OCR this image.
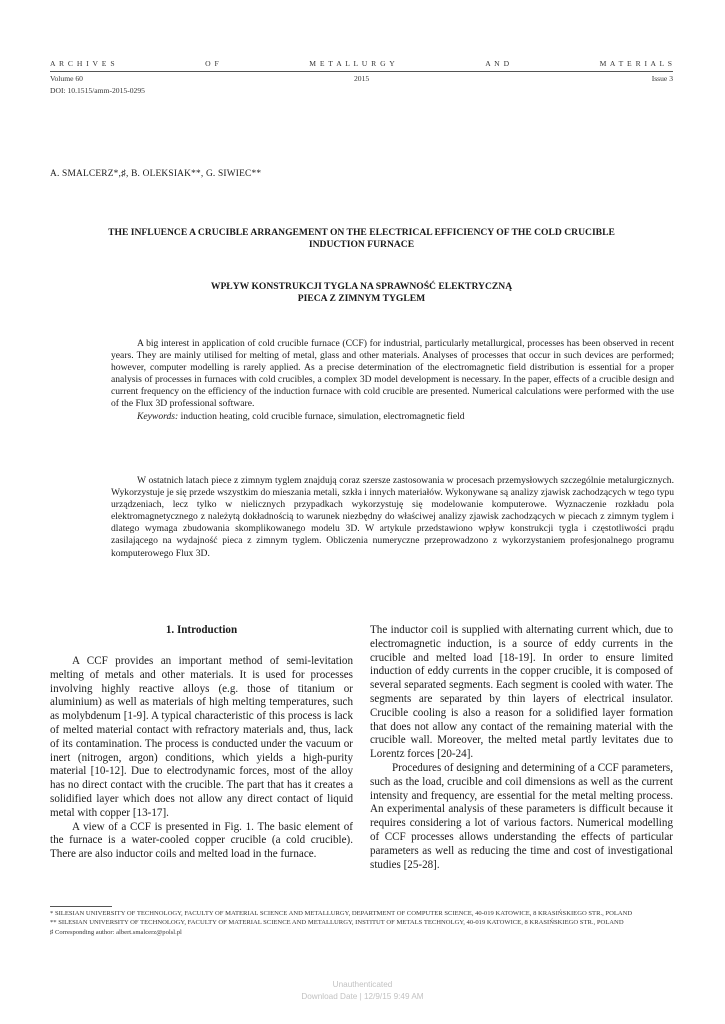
A R C H I V E S	O F	M E T A L L U R G Y	A N D	M A T E R I A L S
Volume 60	2015	Issue 3
DOI: 10.1515/amm-2015-0295
A. SMALCERZ*,♯, B. OLEKSIAK**, G. SIWIEC**
THE INFLUENCE A CRUCIBLE ARRANGEMENT ON THE ELECTRICAL EFFICIENCY OF THE COLD CRUCIBLE
INDUCTION FURNACE
WPŁYW KONSTRUKCJI TYGLA NA SPRAWNOŚĆ ELEKTRYCZNĄ
PIECA Z ZIMNYM TYGLEM

A big interest in application of cold crucible furnace (CCF) for industrial, particularly metallurgical, processes has been observed in recent years. They are mainly utilised for melting of metal, glass and other materials. Analyses of processes that occur in such devices are performed; however, computer modelling is rarely applied. As a precise determination of the electromagnetic field distribution is essential for a proper analysis of processes in furnaces with cold crucibles, a complex 3D model development is necessary. In the paper, effects of a crucible design and current frequency on the efficiency of the induction furnace with cold crucible are presented. Numerical calculations were performed with the use of the Flux 3D professional software.

Keywords: induction heating, cold crucible furnace, simulation, electromagnetic field

W ostatnich latach piece z zimnym tyglem znajdują coraz szersze zastosowania w procesach przemysłowych szczególnie metalurgicznych. Wykorzystuje je się przede wszystkim do mieszania metali, szkła i innych materiałów. Wykonywane są analizy zjawisk zachodzących w tego typu urządzeniach, lecz tylko w nielicznych przypadkach wykorzystuję się modelowanie komputerowe. Wyznaczenie rozkładu pola elektromagnetycznego z należytą dokładnością to warunek niezbędny do właściwej analizy zjawisk zachodzących w piecach z zimnym tyglem i dlatego wymaga zbudowania skomplikowanego modelu 3D. W artykule przedstawiono wpływ konstrukcji tygla i częstotliwości prądu zasilającego na wydajność pieca z zimnym tyglem. Obliczenia numeryczne przeprowadzono z wykorzystaniem profesjonalnego programu komputerowego Flux 3D.

1. Introduction

A CCF provides an important method of semi-levitation melting of metals and other materials. It is used for processes involving highly reactive alloys (e.g. those of titanium or aluminium) as well as materials of high melting temperatures, such as molybdenum [1-9]. A typical characteristic of this process is lack of melted material contact with refractory materials and, thus, lack of its contamination. The process is conducted under the vacuum or inert (nitrogen, argon) conditions, which yields a high-purity material [10-12]. Due to electrodynamic forces, most of the alloy has no direct contact with the crucible. The part that has it creates a solidified layer which does not allow any direct contact of liquid metal with copper [13-17].

A view of a CCF is presented in Fig. 1. The basic element of the furnace is a water-cooled copper crucible (a cold crucible). There are also inductor coils and melted load in the furnace.

The inductor coil is supplied with alternating current which, due to electromagnetic induction, is a source of eddy currents in the crucible and melted load [18-19]. In order to ensure limited induction of eddy currents in the copper crucible, it is composed of several separated segments. Each segment is cooled with water. The segments are separated by thin layers of electrical insulator. Crucible cooling is also a reason for a solidified layer formation that does not allow any contact of the remaining material with the crucible wall. Moreover, the melted metal partly levitates due to Lorentz forces [20-24].

Procedures of designing and determining of a CCF parameters, such as the load, crucible and coil dimensions as well as the current intensity and frequency, are essential for the metal melting process. An experimental analysis of these parameters is difficult because it requires considering a lot of various factors. Numerical modelling of CCF processes allows understanding the effects of particular parameters as well as reducing the time and cost of investigational studies [25-28].

* SILESIAN UNIVERSITY OF TECHNOLOGY, FACULTY OF MATERIAL SCIENCE AND METALLURGY, DEPARTMENT OF COMPUTER SCIENCE, 40-019 KATOWICE, 8 KRASIŃSKIEGO STR., POLAND
** SILESIAN UNIVERSITY OF TECHNOLOGY, FACULTY OF MATERIAL SCIENCE AND METALLURGY, INSTITUT OF METALS TECHNOLGY, 40-019 KATOWICE, 8 KRASIŃSKIEGO STR., POLAND
♯ Corresponding author: albert.smalcerz@polsl.pl
Unauthenticated
Download Date | 12/9/15 9:49 AM
